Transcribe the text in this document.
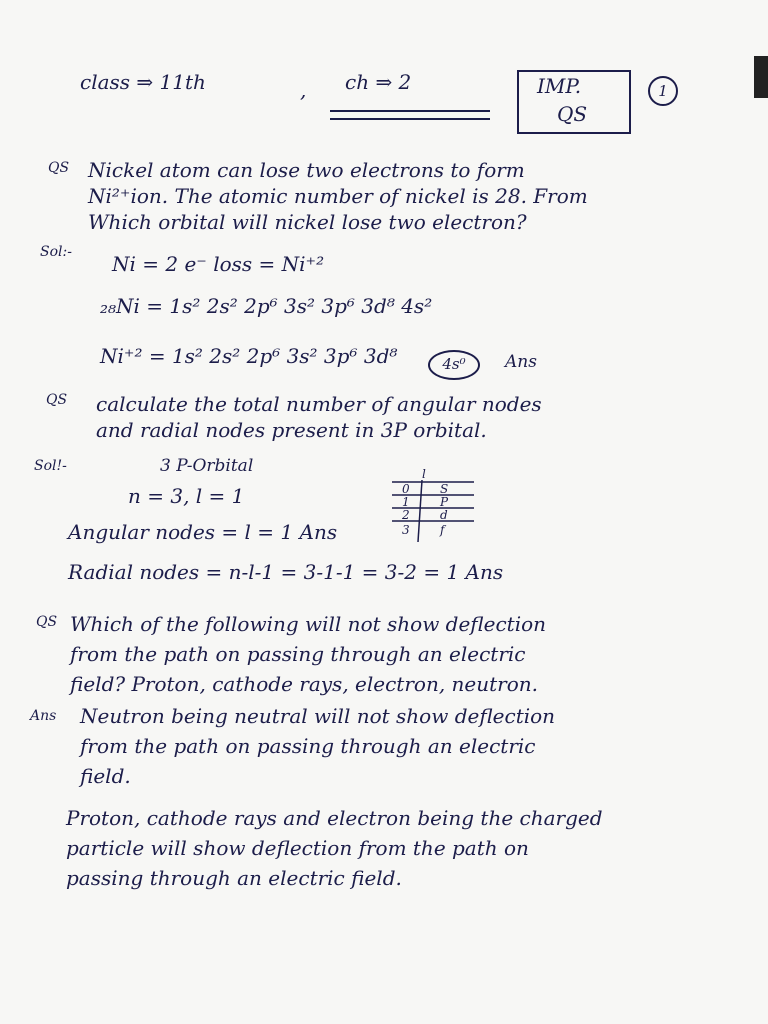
class ⇒ 11th	, ch ⇒ 2	IMP.
QS
1
QS Nickel atom can lose two electrons to form
Ni²⁺ion. The atomic number of nickel is 28. From
Which orbital will nickel lose two electron?
Sol:- Ni = 2 e⁻ loss = Ni⁺²
₂₈Ni = 1s² 2s² 2p⁶ 3s² 3p⁶ 3d⁸ 4s²
Ni⁺² = 1s² 2s² 2p⁶ 3s² 3p⁶ 3d⁸	4s⁰	Ans
QS calculate the total number of angular nodes
and radial nodes present in 3P orbital.
Sol!-	3 P-Orbital
n = 3, l = 1
Angular nodes = l = 1 Ans
Radial nodes = n-l-1 = 3-1-1 = 3-2 = 1 Ans
l
0	S
1	P
2	d
3	f
QS Which of the following will not show deflection
from the path on passing through an electric
field? Proton, cathode rays, electron, neutron.
Ans Neutron being neutral will not show deflection
from the path on passing through an electric
field.
Proton, cathode rays and electron being the charged
particle will show deflection from the path on
passing through an electric field.
